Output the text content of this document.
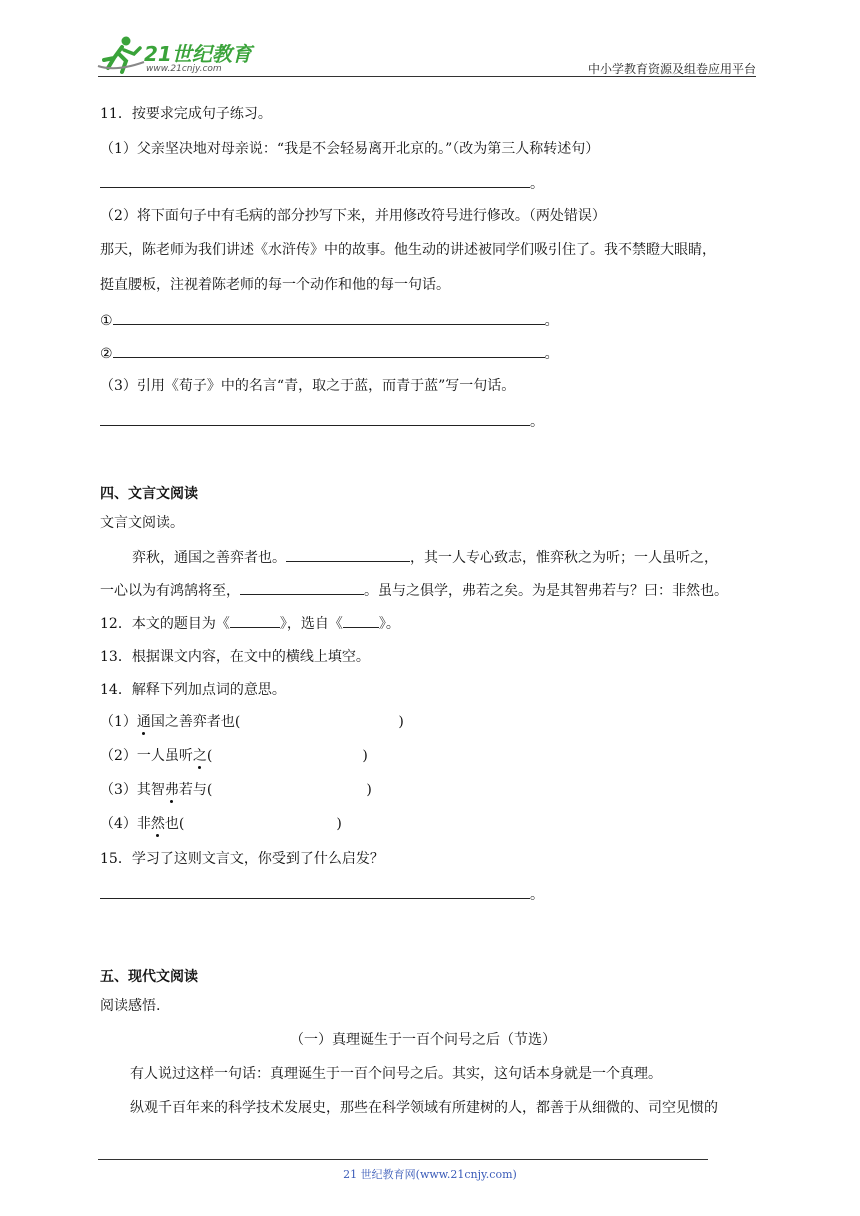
21世纪教育
www.21cnjy.com	中小学教育资源及组卷应用平台
11．按要求完成句子练习。
（1）父亲坚决地对母亲说：“我是不会轻易离开北京的。”（改为第三人称转述句）
。
（2）将下面句子中有毛病的部分抄写下来，并用修改符号进行修改。（两处错误）
那天，陈老师为我们讲述《水浒传》中的故事。他生动的讲述被同学们吸引住了。我不禁瞪大眼睛，
挺直腰板，注视着陈老师的每一个动作和他的每一句话。
①	。
②	。
（3）引用《荀子》中的名言“青，取之于蓝，而青于蓝”写一句话。
。
四、文言文阅读
文言文阅读。
弈秋，通国之善弈者也。	，其一人专心致志，惟弈秋之为听；一人虽听之，
一心以为有鸿鹄将至，	。虽与之俱学，弗若之矣。为是其智弗若与？曰：非然也。
12．本文的题目为《	》，选自《	》。
13．根据课文内容，在文中的横线上填空。
14．解释下列加点词的意思。
（1）通国之善弈者也(	)
（2）一人虽听之(	)
（3）其智弗若与(	)
（4）非然也(	)
15．学习了这则文言文，你受到了什么启发？
。
五、现代文阅读
阅读感悟.
（一）真理诞生于一百个问号之后（节选）
有人说过这样一句话：真理诞生于一百个问号之后。其实，这句话本身就是一个真理。
纵观千百年来的科学技术发展史，那些在科学领域有所建树的人，都善于从细微的、司空见惯的
21 世纪教育网(www.21cnjy.com)
